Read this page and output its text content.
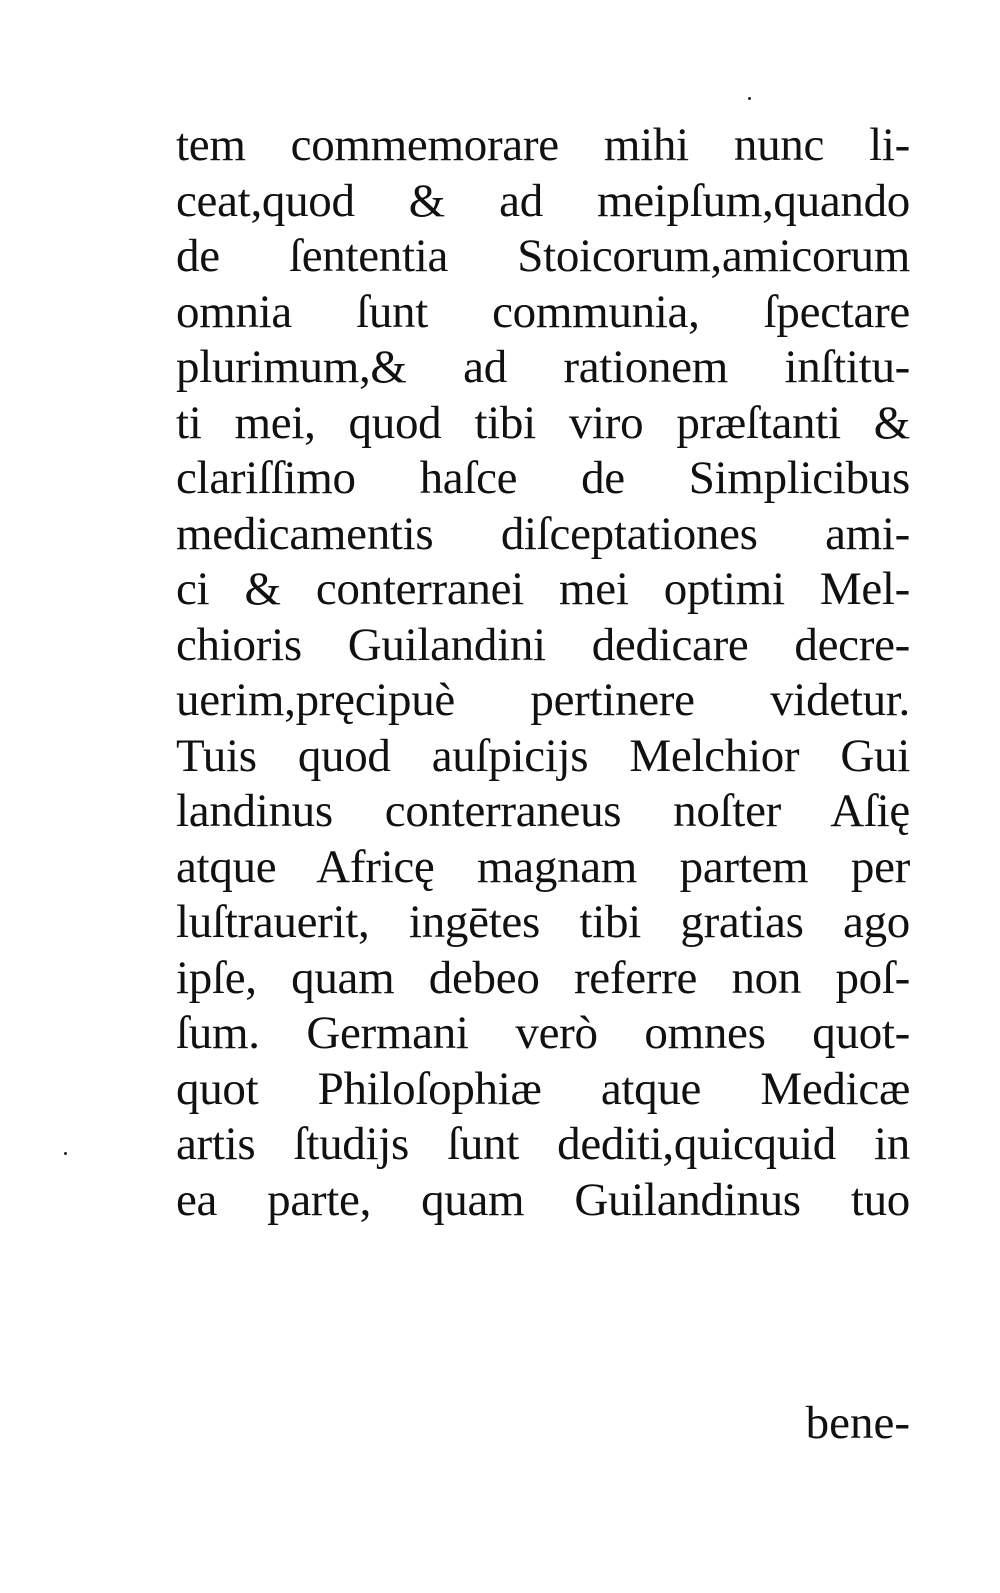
tem commemorare mihi nunc li-
ceat,quod & ad meipſum,quando
de ſententia Stoicorum,amicorum
omnia ſunt communia, ſpectare
plurimum,& ad rationem inſtitu-
ti mei, quod tibi viro præſtanti &
clariſſimo haſce de Simplicibus
medicamentis diſceptationes ami-
ci & conterranei mei optimi Mel-
chioris Guilandini dedicare decre-
uerim,pręcipuè pertinere videtur.
Tuis quod auſpicijs Melchior Gui
landinus conterraneus noſter Aſię
atque Africę magnam partem per
luſtrauerit, ingētes tibi gratias ago
ipſe, quam debeo referre non poſ-
ſum. Germani verò omnes quot-
quot Philoſophiæ atque Medicæ
artis ſtudijs ſunt dediti,quicquid in
ea parte, quam Guilandinus tuo
bene-
